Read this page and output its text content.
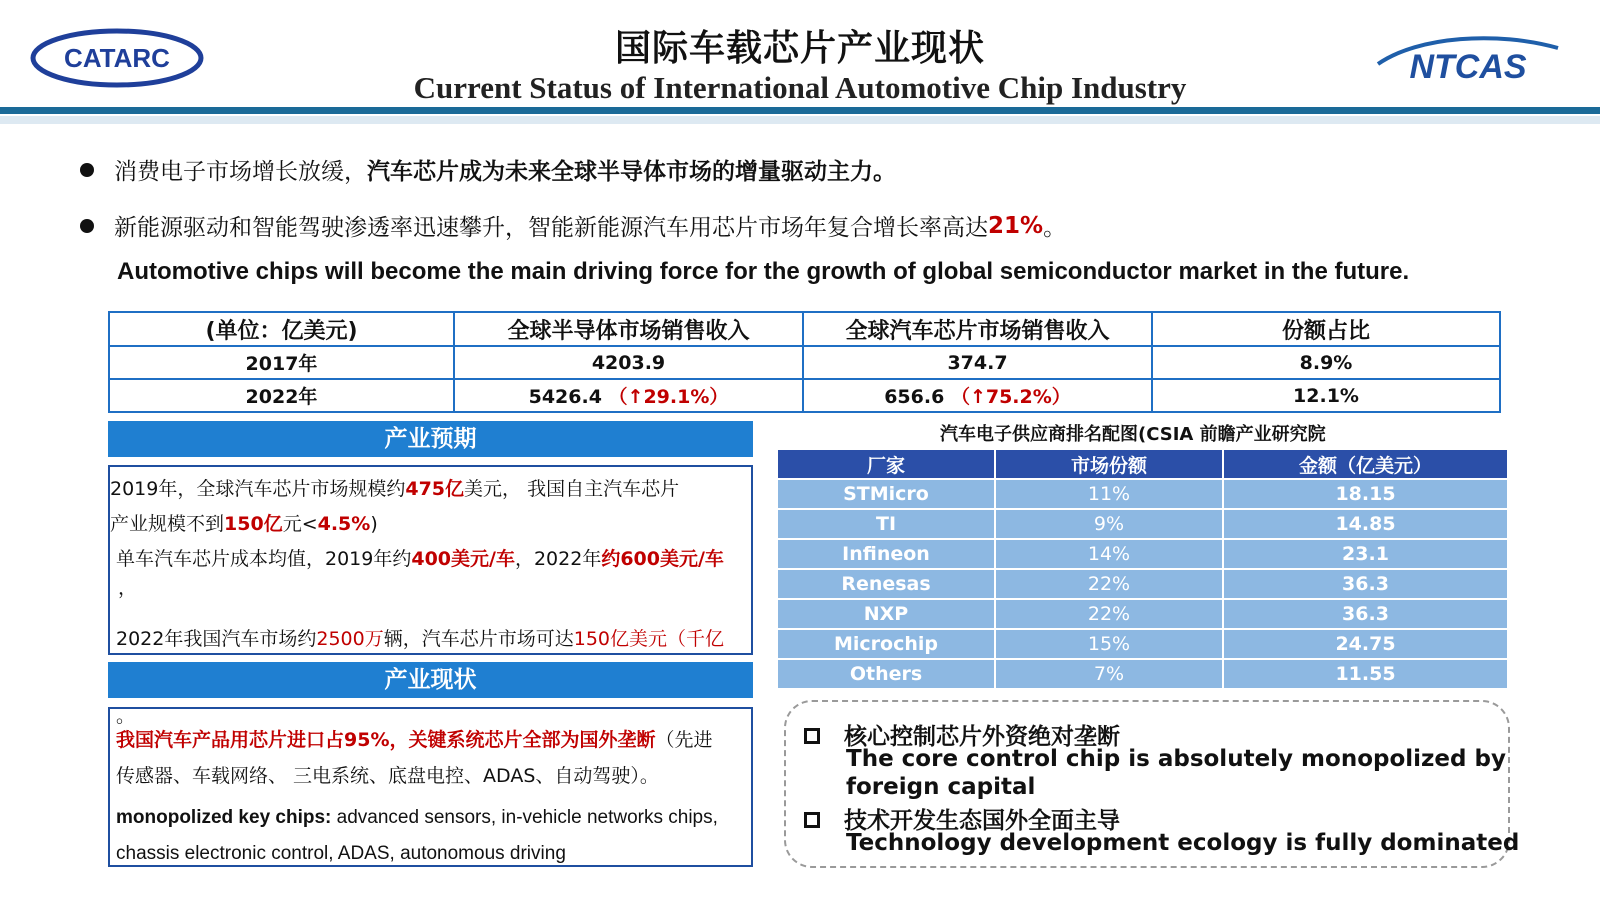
CATARC	国际车载芯片产业现状
Current Status of International Automotive Chip Industry
NTCAS
消费电子市场增长放缓， 汽车芯片成为未来全球半导体市场的增量驱动主力。
新能源驱动和智能驾驶渗透率迅速攀升，智能新能源汽车用芯片市场年复合增长率高达 21% 。
Automotive chips will become the main driving force for the growth of global semiconductor market in the future.
(单位：亿美元)	全球半导体市场销售收入	全球汽车芯片市场销售收入	份额占比
2017年	4203.9	374.7	8.9%
2022年	5426.4 （↑29.1%）	656.6 （↑75.2%）	12.1%
产业预期

2019年，全球汽车芯片市场规模约475亿美元， 我国自主汽车芯片

产业规模不到150亿元<4.5%)

单车汽车芯片成本均值，2019年约400美元/车，2022年约600美元/车

，

2022年我国汽车市场约2500万辆，汽车芯片市场可达150亿美元（千亿

产业现状

。

我国汽车产品用芯片进口占95%，关键系统芯片全部为国外垄断（先进

传感器、车载网络、 三电系统、底盘电控、ADAS、自动驾驶）。

monopolized key chips: advanced sensors, in-vehicle networks chips,

chassis electronic control, ADAS, autonomous driving

汽车电子供应商排名配图(CSIA 前瞻产业研究院
厂家	市场份额	金额（亿美元）
STMicro	11%	18.15
TI	9%	14.85
Infineon	14%	23.1
Renesas	22%	36.3
NXP	22%	36.3
Microchip	15%	24.75
Others	7%	11.55
核心控制芯片外资绝对垄断
The core control chip is absolutely monopolized by
foreign capital
技术开发生态国外全面主导
Technology development ecology is fully dominated
